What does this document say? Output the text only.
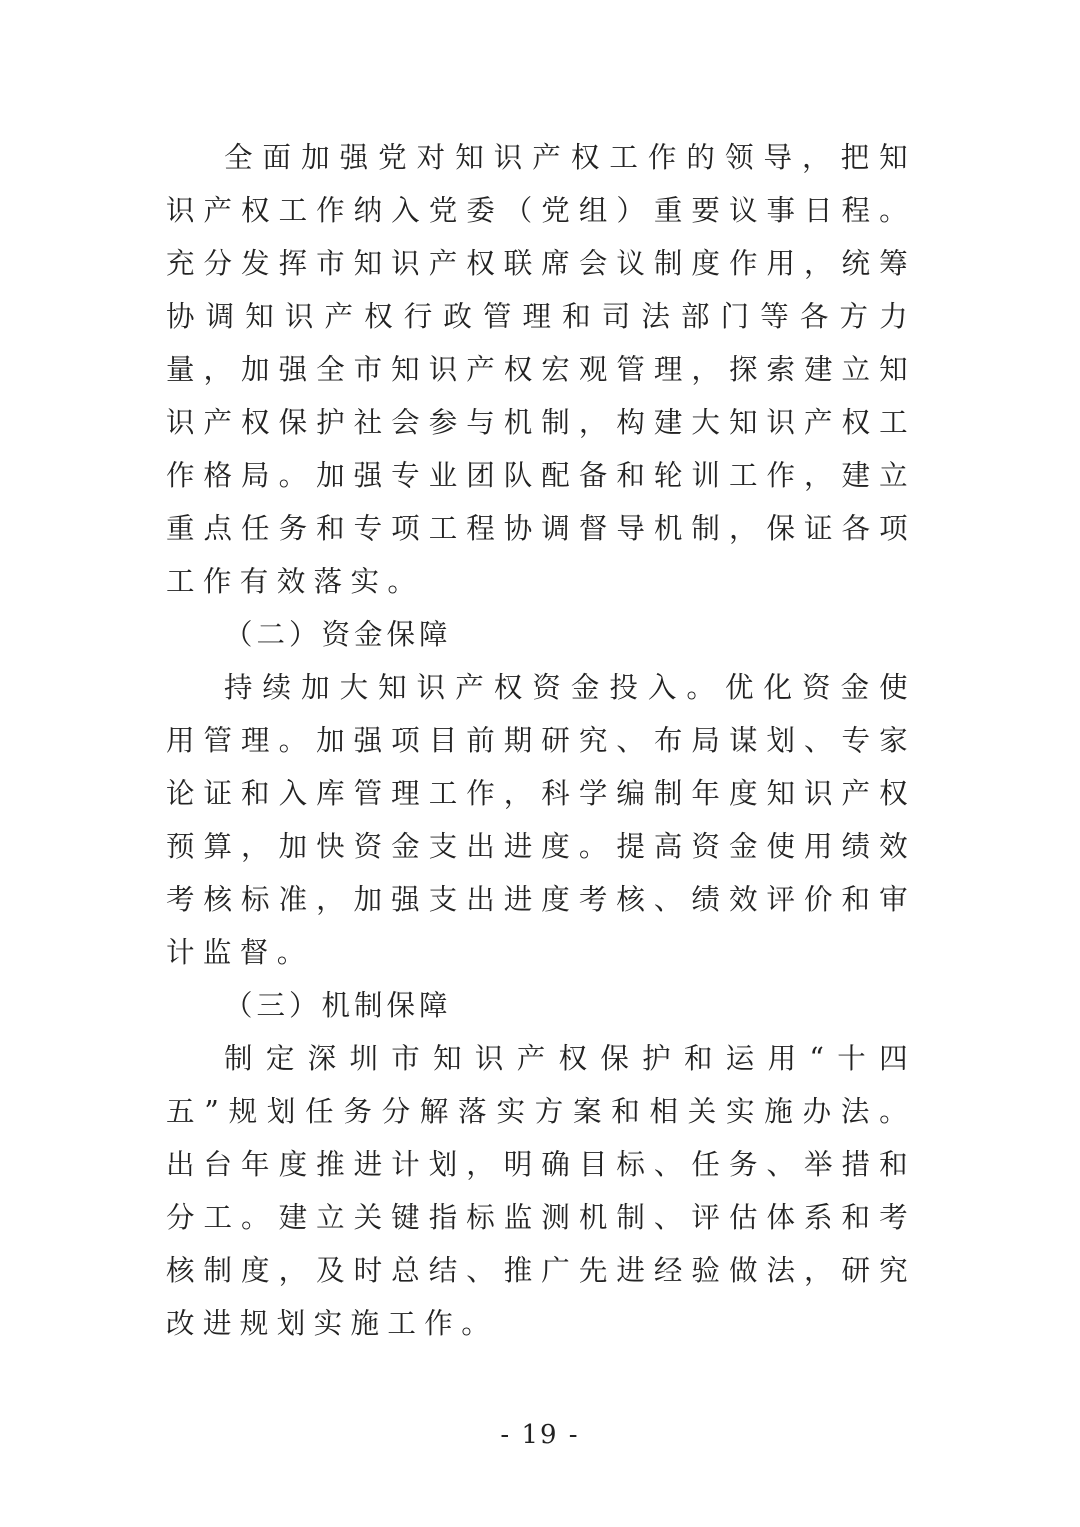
全面加强党对知识产权工作的领导，把知识产权工作纳入党委（党组）重要议事日程。充分发挥市知识产权联席会议制度作用，统筹协调知识产权行政管理和司法部门等各方力量，加强全市知识产权宏观管理，探索建立知识产权保护社会参与机制，构建大知识产权工作格局。加强专业团队配备和轮训工作，建立重点任务和专项工程协调督导机制，保证各项工作有效落实。

（二）资金保障

持续加大知识产权资金投入。优化资金使用管理。加强项目前期研究、布局谋划、专家论证和入库管理工作，科学编制年度知识产权预算，加快资金支出进度。提高资金使用绩效考核标准，加强支出进度考核、绩效评价和审计监督。

（三）机制保障

制定深圳市知识产权保护和运用“十四五”规划任务分解落实方案和相关实施办法。出台年度推进计划，明确目标、任务、举措和分工。建立关键指标监测机制、评估体系和考核制度，及时总结、推广先进经验做法，研究改进规划实施工作。

- 19 -
